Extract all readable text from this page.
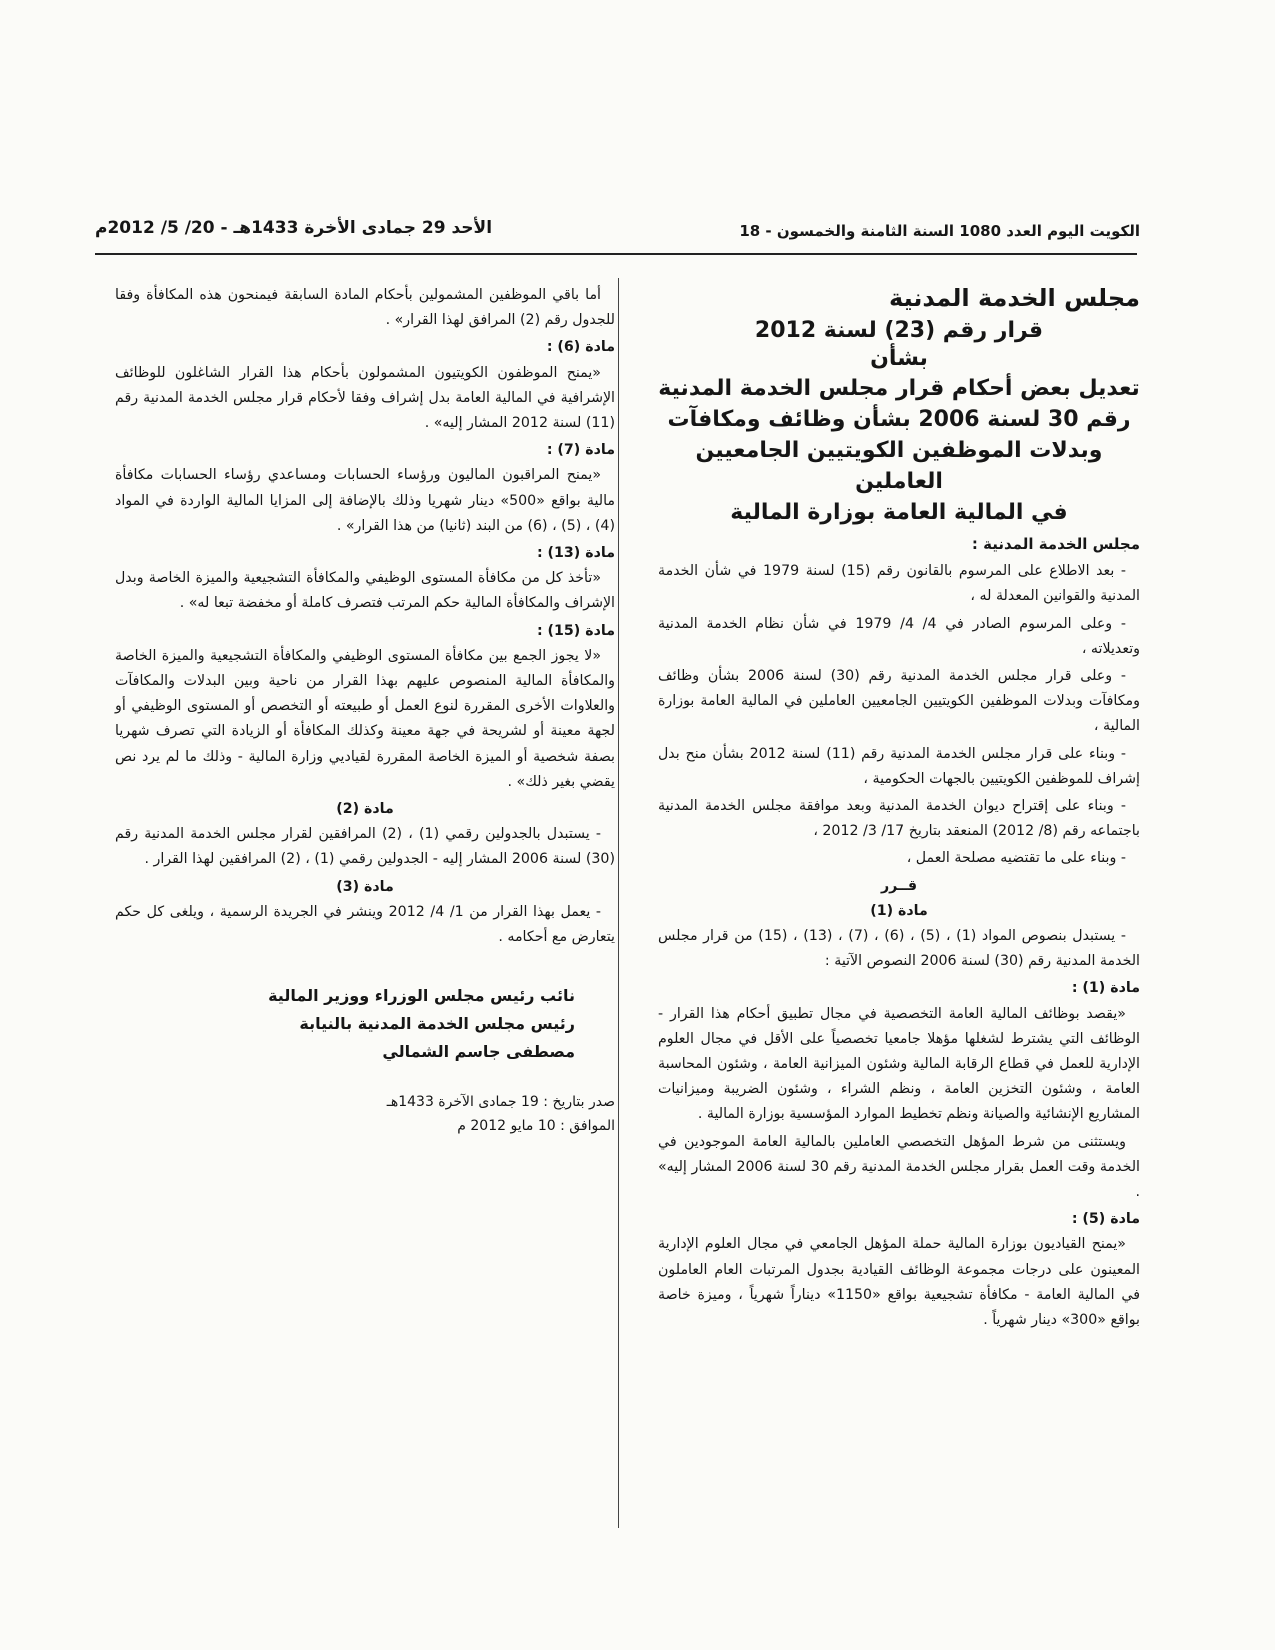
الكويت اليوم العدد 1080 السنة الثامنة والخمسون - 18
الأحد 29 جمادى الأخرة 1433هـ - 20/ 5/ 2012م

مجلس الخدمة المدنية

قرار رقم (23) لسنة 2012

بشأن

تعديل بعض أحكام قرار مجلس الخدمة المدنية

رقم 30 لسنة 2006 بشأن وظائف ومكافآت

وبدلات الموظفين الكويتيين الجامعيين العاملين

في المالية العامة بوزارة المالية

مجلس الخدمة المدنية :

- بعد الاطلاع على المرسوم بالقانون رقم (15) لسنة 1979 في شأن الخدمة المدنية والقوانين المعدلة له ،

- وعلى المرسوم الصادر في 4/ 4/ 1979 في شأن نظام الخدمة المدنية وتعديلاته ،

- وعلى قرار مجلس الخدمة المدنية رقم (30) لسنة 2006 بشأن وظائف ومكافآت وبدلات الموظفين الكويتيين الجامعيين العاملين في المالية العامة بوزارة المالية ،

- وبناء على قرار مجلس الخدمة المدنية رقم (11) لسنة 2012 بشأن منح بدل إشراف للموظفين الكويتيين بالجهات الحكومية ،

- وبناء على إقتراح ديوان الخدمة المدنية وبعد موافقة مجلس الخدمة المدنية باجتماعه رقم (8/ 2012) المنعقد بتاريخ 17/ 3/ 2012 ،

- وبناء على ما تقتضيه مصلحة العمل ،

قــرر

مادة (1)

- يستبدل بنصوص المواد (1) ، (5) ، (6) ، (7) ، (13) ، (15) من قرار مجلس الخدمة المدنية رقم (30) لسنة 2006 النصوص الآتية :

مادة (1) :

«يقصد بوظائف المالية العامة التخصصية في مجال تطبيق أحكام هذا القرار - الوظائف التي يشترط لشغلها مؤهلا جامعيا تخصصياً على الأقل في مجال العلوم الإدارية للعمل في قطاع الرقابة المالية وشئون الميزانية العامة ، وشئون المحاسبة العامة ، وشئون التخزين العامة ، ونظم الشراء ، وشئون الضريبة وميزانيات المشاريع الإنشائية والصيانة ونظم تخطيط الموارد المؤسسية بوزارة المالية .

ويستثنى من شرط المؤهل التخصصي العاملين بالمالية العامة الموجودين في الخدمة وقت العمل بقرار مجلس الخدمة المدنية رقم 30 لسنة 2006 المشار إليه» .

مادة (5) :

«يمنح القياديون بوزارة المالية حملة المؤهل الجامعي في مجال العلوم الإدارية المعينون على درجات مجموعة الوظائف القيادية بجدول المرتبات العام العاملون في المالية العامة - مكافأة تشجيعية بواقع «1150» ديناراً شهرياً ، وميزة خاصة بواقع «300» دينار شهرياً .

أما باقي الموظفين المشمولين بأحكام المادة السابقة فيمنحون هذه المكافأة وفقا للجدول رقم (2) المرافق لهذا القرار» .

مادة (6) :

«يمنح الموظفون الكويتيون المشمولون بأحكام هذا القرار الشاغلون للوظائف الإشرافية في المالية العامة بدل إشراف وفقا لأحكام قرار مجلس الخدمة المدنية رقم (11) لسنة 2012 المشار إليه» .

مادة (7) :

«يمنح المراقبون الماليون ورؤساء الحسابات ومساعدي رؤساء الحسابات مكافأة مالية بواقع «500» دينار شهريا وذلك بالإضافة إلى المزايا المالية الواردة في المواد (4) ، (5) ، (6) من البند (ثانيا) من هذا القرار» .

مادة (13) :

«تأخذ كل من مكافأة المستوى الوظيفي والمكافأة التشجيعية والميزة الخاصة وبدل الإشراف والمكافأة المالية حكم المرتب فتصرف كاملة أو مخفضة تبعا له» .

مادة (15) :

«لا يجوز الجمع بين مكافأة المستوى الوظيفي والمكافأة التشجيعية والميزة الخاصة والمكافأة المالية المنصوص عليهم بهذا القرار من ناحية وبين البدلات والمكافآت والعلاوات الأخرى المقررة لنوع العمل أو طبيعته أو التخصص أو المستوى الوظيفي أو لجهة معينة أو لشريحة في جهة معينة وكذلك المكافأة أو الزيادة التي تصرف شهريا بصفة شخصية أو الميزة الخاصة المقررة لقياديي وزارة المالية - وذلك ما لم يرد نص يقضي بغير ذلك» .

مادة (2)

- يستبدل بالجدولين رقمي (1) ، (2) المرافقين لقرار مجلس الخدمة المدنية رقم (30) لسنة 2006 المشار إليه - الجدولين رقمي (1) ، (2) المرافقين لهذا القرار .

مادة (3)

- يعمل بهذا القرار من 1/ 4/ 2012 وينشر في الجريدة الرسمية ، ويلغى كل حكم يتعارض مع أحكامه .

نائب رئيس مجلس الوزراء ووزير المالية
رئيس مجلس الخدمة المدنية بالنيابة
مصطفى جاسم الشمالي
صدر بتاريخ : 19 جمادى الآخرة 1433هـ
الموافق : 10 مايو 2012 م
